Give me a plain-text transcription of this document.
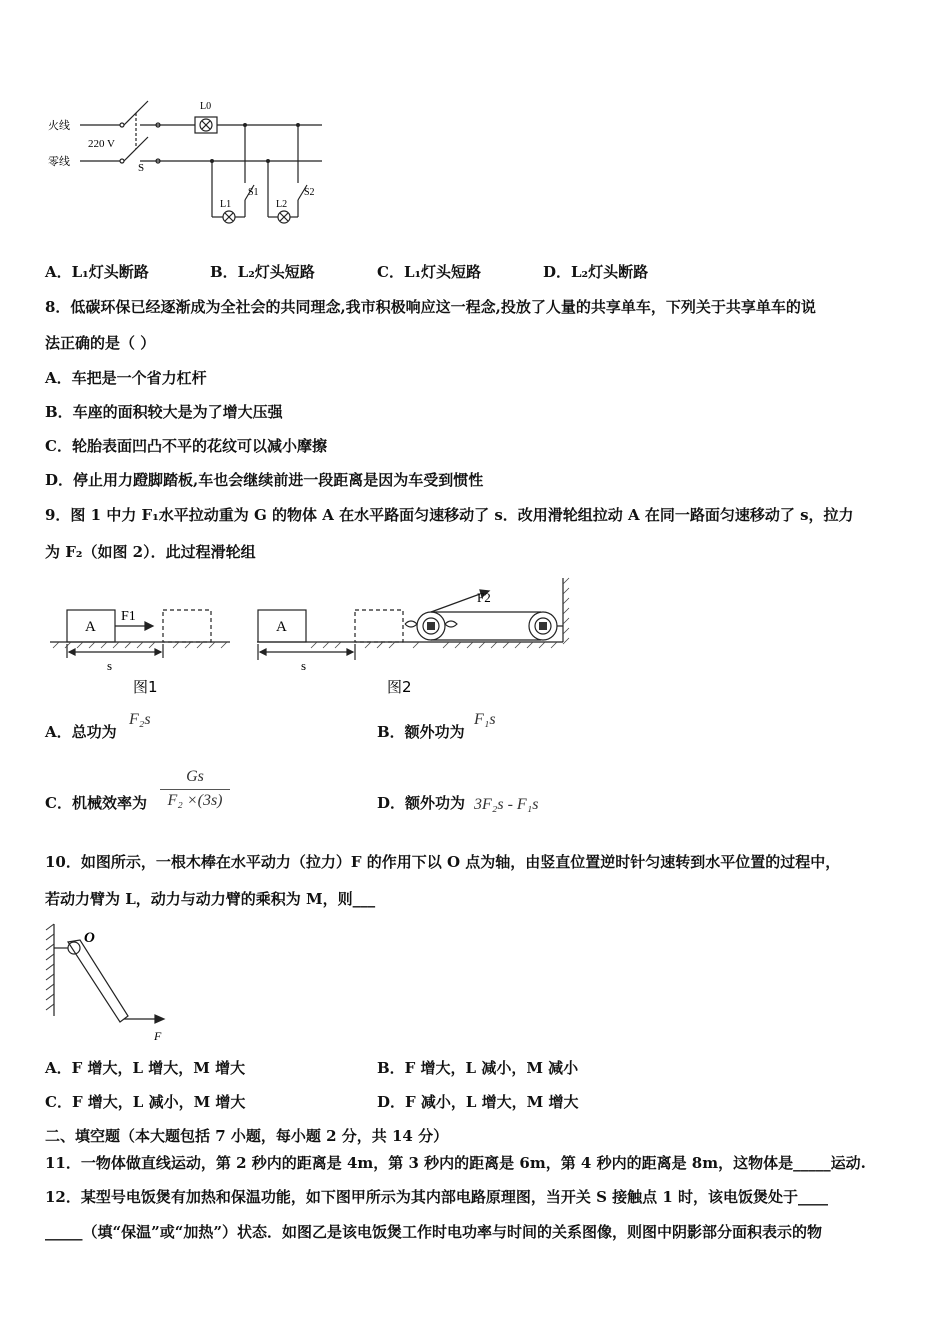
火线
零线
220 V
S
L0
L1	L2
S1	S2
A．L₁灯头断路	B．L₂灯头短路	C．L₁灯头短路	D．L₂灯头断路
8．低碳环保已经逐渐成为全社会的共同理念,我市积极响应这一程念,投放了人量的共享单车，下列关于共享单车的说
法正确的是（ ）
A．车把是一个省力杠杆
B．车座的面积较大是为了增大压强
C．轮胎表面凹凸不平的花纹可以减小摩擦
D．停止用力蹬脚踏板,车也会继续前进一段距离是因为车受到惯性
9．图 1 中力 F₁水平拉动重为 G 的物体 A 在水平路面匀速移动了 s．改用滑轮组拉动 A 在同一路面匀速移动了 s，拉力
为 F₂（如图 2）．此过程滑轮组
A
F1
s
图1
A
F2
s
图2
A．总功为
F₂s
B．额外功为
F₁s
C．机械效率为
Gs
F₂ ×(3s)	D．额外功为 3F₂s - F₁s
10．如图所示，一根木棒在水平动力（拉力）F 的作用下以 O 点为轴，由竖直位置逆时针匀速转到水平位置的过程中，
若动力臂为 L，动力与动力臂的乘积为 M，则___
O
F
A．F 增大，L 增大，M 增大	B．F 增大，L 减小，M 减小
C．F 增大，L 减小，M 增大	D．F 减小，L 增大，M 增大
二、填空题（本大题包括 7 小题，每小题 2 分，共 14 分）
11．一物体做直线运动，第 2 秒内的距离是 4m，第 3 秒内的距离是 6m，第 4 秒内的距离是 8m，这物体是_____运动.
12．某型号电饭煲有加热和保温功能，如下图甲所示为其内部电路原理图，当开关 S 接触点 1 时，该电饭煲处于____
_____（填“保温”或“加热”）状态．如图乙是该电饭煲工作时电功率与时间的关系图像，则图中阴影部分面积表示的物
